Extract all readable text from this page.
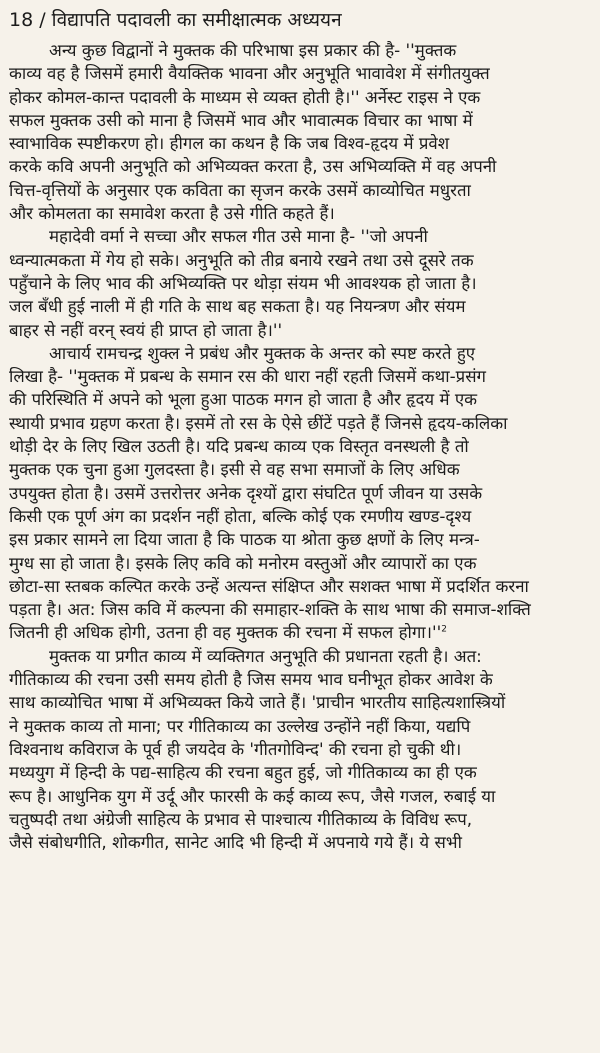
18 / विद्यापति पदावली का समीक्षात्मक अध्ययन
अन्य कुछ विद्वानों ने मुक्तक की परिभाषा इस प्रकार की है- ''मुक्तक
काव्य वह है जिसमें हमारी वैयक्तिक भावना और अनुभूति भावावेश में संगीतयुक्त
होकर कोमल-कान्त पदावली के माध्यम से व्यक्त होती है।'' अर्नेस्ट राइस ने एक
सफल मुक्तक उसी को माना है जिसमें भाव और भावात्मक विचार का भाषा में
स्वाभाविक स्पष्टीकरण हो। हीगल का कथन है कि जब विश्व-हृदय में प्रवेश
करके कवि अपनी अनुभूति को अभिव्यक्त करता है, उस अभिव्यक्ति में वह अपनी
चित्त-वृत्तियों के अनुसार एक कविता का सृजन करके उसमें काव्योचित मधुरता
और कोमलता का समावेश करता है उसे गीति कहते हैं।
महादेवी वर्मा ने सच्चा और सफल गीत उसे माना है- ''जो अपनी
ध्वन्यात्मकता में गेय हो सके। अनुभूति को तीव्र बनाये रखने तथा उसे दूसरे तक
पहुँचाने के लिए भाव की अभिव्यक्ति पर थोड़ा संयम भी आवश्यक हो जाता है।
जल बँधी हुई नाली में ही गति के साथ बह सकता है। यह नियन्त्रण और संयम
बाहर से नहीं वरन् स्वयं ही प्राप्त हो जाता है।''
आचार्य रामचन्द्र शुक्ल ने प्रबंध और मुक्तक के अन्तर को स्पष्ट करते हुए
लिखा है- ''मुक्तक में प्रबन्ध के समान रस की धारा नहीं रहती जिसमें कथा-प्रसंग
की परिस्थिति में अपने को भूला हुआ पाठक मगन हो जाता है और हृदय में एक
स्थायी प्रभाव ग्रहण करता है। इसमें तो रस के ऐसे छींटें पड़ते हैं जिनसे हृदय-कलिका
थोड़ी देर के लिए खिल उठती है। यदि प्रबन्ध काव्य एक विस्तृत वनस्थली है तो
मुक्तक एक चुना हुआ गुलदस्ता है। इसी से वह सभा समाजों के लिए अधिक
उपयुक्त होता है। उसमें उत्तरोत्तर अनेक दृश्यों द्वारा संघटित पूर्ण जीवन या उसके
किसी एक पूर्ण अंग का प्रदर्शन नहीं होता, बल्कि कोई एक रमणीय खण्ड-दृश्य
इस प्रकार सामने ला दिया जाता है कि पाठक या श्रोता कुछ क्षणों के लिए मन्त्र-
मुग्ध सा हो जाता है। इसके लिए कवि को मनोरम वस्तुओं और व्यापारों का एक
छोटा-सा स्तबक कल्पित करके उन्हें अत्यन्त संक्षिप्त और सशक्त भाषा में प्रदर्शित करना
पड़ता है। अत: जिस कवि में कल्पना की समाहार-शक्ति के साथ भाषा की समाज-शक्ति
जितनी ही अधिक होगी, उतना ही वह मुक्तक की रचना में सफल $होगा।''^2$
मुक्तक या प्रगीत काव्य में व्यक्तिगत अनुभूति की प्रधानता रहती है। अत:
गीतिकाव्य की रचना उसी समय होती है जिस समय भाव घनीभूत होकर आवेश के
साथ काव्योचित भाषा में अभिव्यक्त किये जाते हैं। 'प्राचीन भारतीय साहित्यशास्त्रियों
ने मुक्तक काव्य तो माना; पर गीतिकाव्य का उल्लेख उन्होंने नहीं किया, यद्यपि
विश्वनाथ कविराज के पूर्व ही जयदेव के 'गीतगोविन्द' की रचना हो चुकी थी।
मध्ययुग में हिन्दी के पद्य-साहित्य की रचना बहुत हुई, जो गीतिकाव्य का ही एक
रूप है। आधुनिक युग में उर्दू और फारसी के कई काव्य रूप, जैसे गजल, रुबाई या
चतुष्पदी तथा अंग्रेजी साहित्य के प्रभाव से पाश्चात्य गीतिकाव्य के विविध रूप,
जैसे संबोधगीति, शोकगीत, सानेट आदि भी हिन्दी में अपनाये गये हैं। ये सभी
